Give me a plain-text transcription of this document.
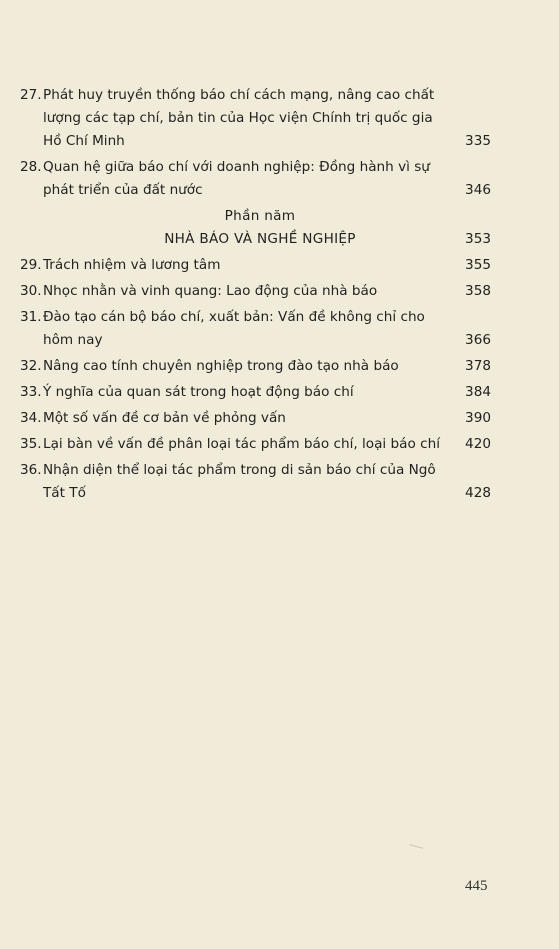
27. Phát huy truyền thống báo chí cách mạng, nâng cao chất lượng các tạp chí, bản tin của Học viện Chính trị quốc gia Hồ Chí Minh	335
28. Quan hệ giữa báo chí với doanh nghiệp: Đồng hành vì sự phát triển của đất nước	346
Phần năm
NHÀ BÁO VÀ NGHỀ NGHIỆP	353
29. Trách nhiệm và lương tâm	355
30. Nhọc nhằn và vinh quang: Lao động của nhà báo	358
31. Đào tạo cán bộ báo chí, xuất bản: Vấn đề không chỉ cho hôm nay	366
32. Nâng cao tính chuyên nghiệp trong đào tạo nhà báo	378
33. Ý nghĩa của quan sát trong hoạt động báo chí	384
34. Một số vấn đề cơ bản về phỏng vấn	390
35. Lại bàn về vấn đề phân loại tác phẩm báo chí, loại báo chí 420
36. Nhận diện thể loại tác phẩm trong di sản báo chí của Ngô Tất Tố	428
445
